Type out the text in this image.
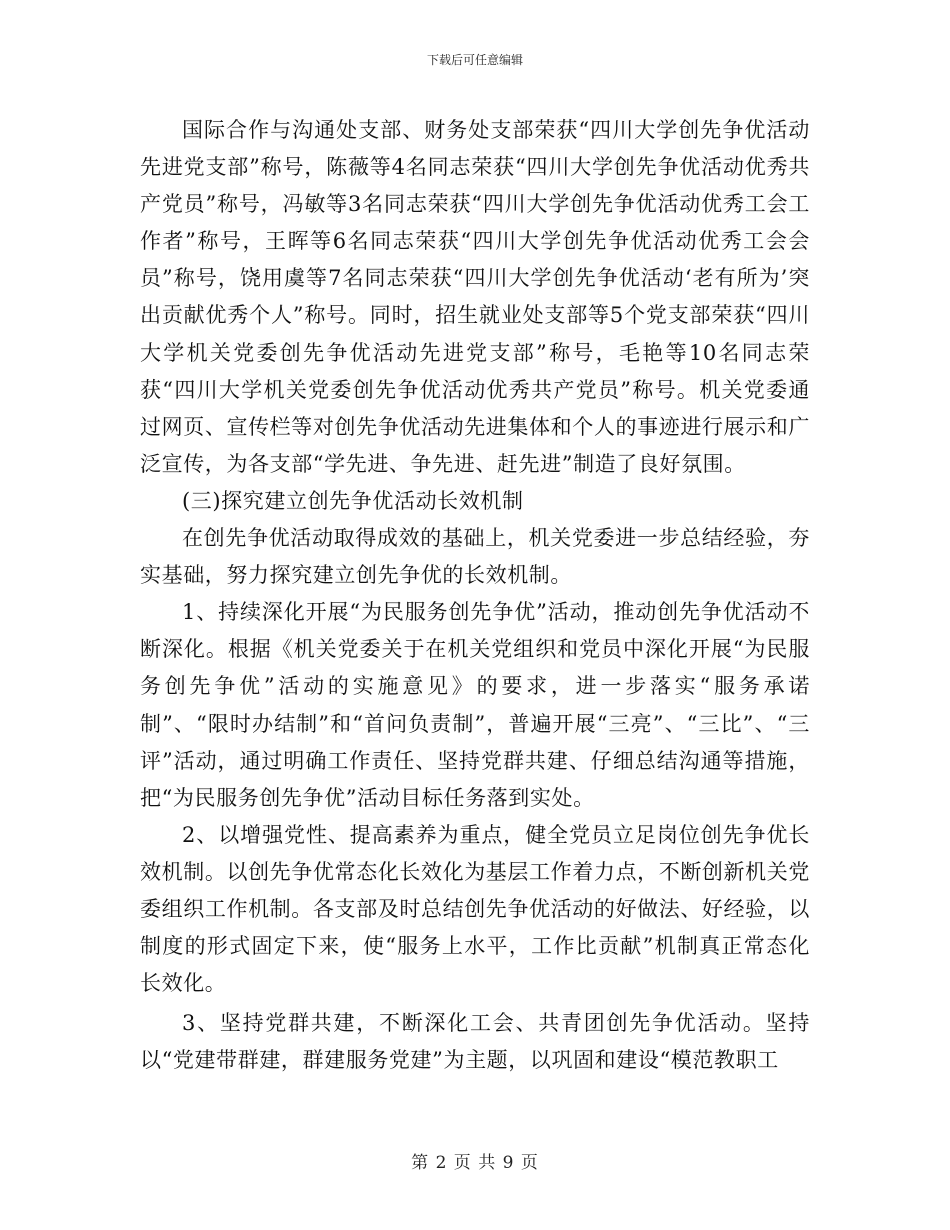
下载后可任意编辑

国际合作与沟通处支部、财务处支部荣获“四川大学创先争优活动先进党支部”称号，陈薇等4名同志荣获“四川大学创先争优活动优秀共产党员”称号，冯敏等3名同志荣获“四川大学创先争优活动优秀工会工作者”称号，王晖等6名同志荣获“四川大学创先争优活动优秀工会会员”称号，饶用虞等7名同志荣获“四川大学创先争优活动‘老有所为’突出贡献优秀个人”称号。同时，招生就业处支部等5个党支部荣获“四川大学机关党委创先争优活动先进党支部”称号，毛艳等10名同志荣获“四川大学机关党委创先争优活动优秀共产党员”称号。机关党委通过网页、宣传栏等对创先争优活动先进集体和个人的事迹进行展示和广泛宣传，为各支部“学先进、争先进、赶先进”制造了良好氛围。

(三)探究建立创先争优活动长效机制

在创先争优活动取得成效的基础上，机关党委进一步总结经验，夯实基础，努力探究建立创先争优的长效机制。

1、持续深化开展“为民服务创先争优”活动，推动创先争优活动不断深化。根据《机关党委关于在机关党组织和党员中深化开展“为民服务创先争优”活动的实施意见》的要求，进一步落实“服务承诺制”、“限时办结制”和“首问负责制”，普遍开展“三亮”、“三比”、“三评”活动，通过明确工作责任、坚持党群共建、仔细总结沟通等措施，把“为民服务创先争优”活动目标任务落到实处。

2、以增强党性、提高素养为重点，健全党员立足岗位创先争优长效机制。以创先争优常态化长效化为基层工作着力点，不断创新机关党委组织工作机制。各支部及时总结创先争优活动的好做法、好经验，以制度的形式固定下来，使“服务上水平，工作比贡献”机制真正常态化长效化。

3、坚持党群共建，不断深化工会、共青团创先争优活动。坚持以“党建带群建，群建服务党建”为主题，以巩固和建设“模范教职工

第 2 页 共 9 页
